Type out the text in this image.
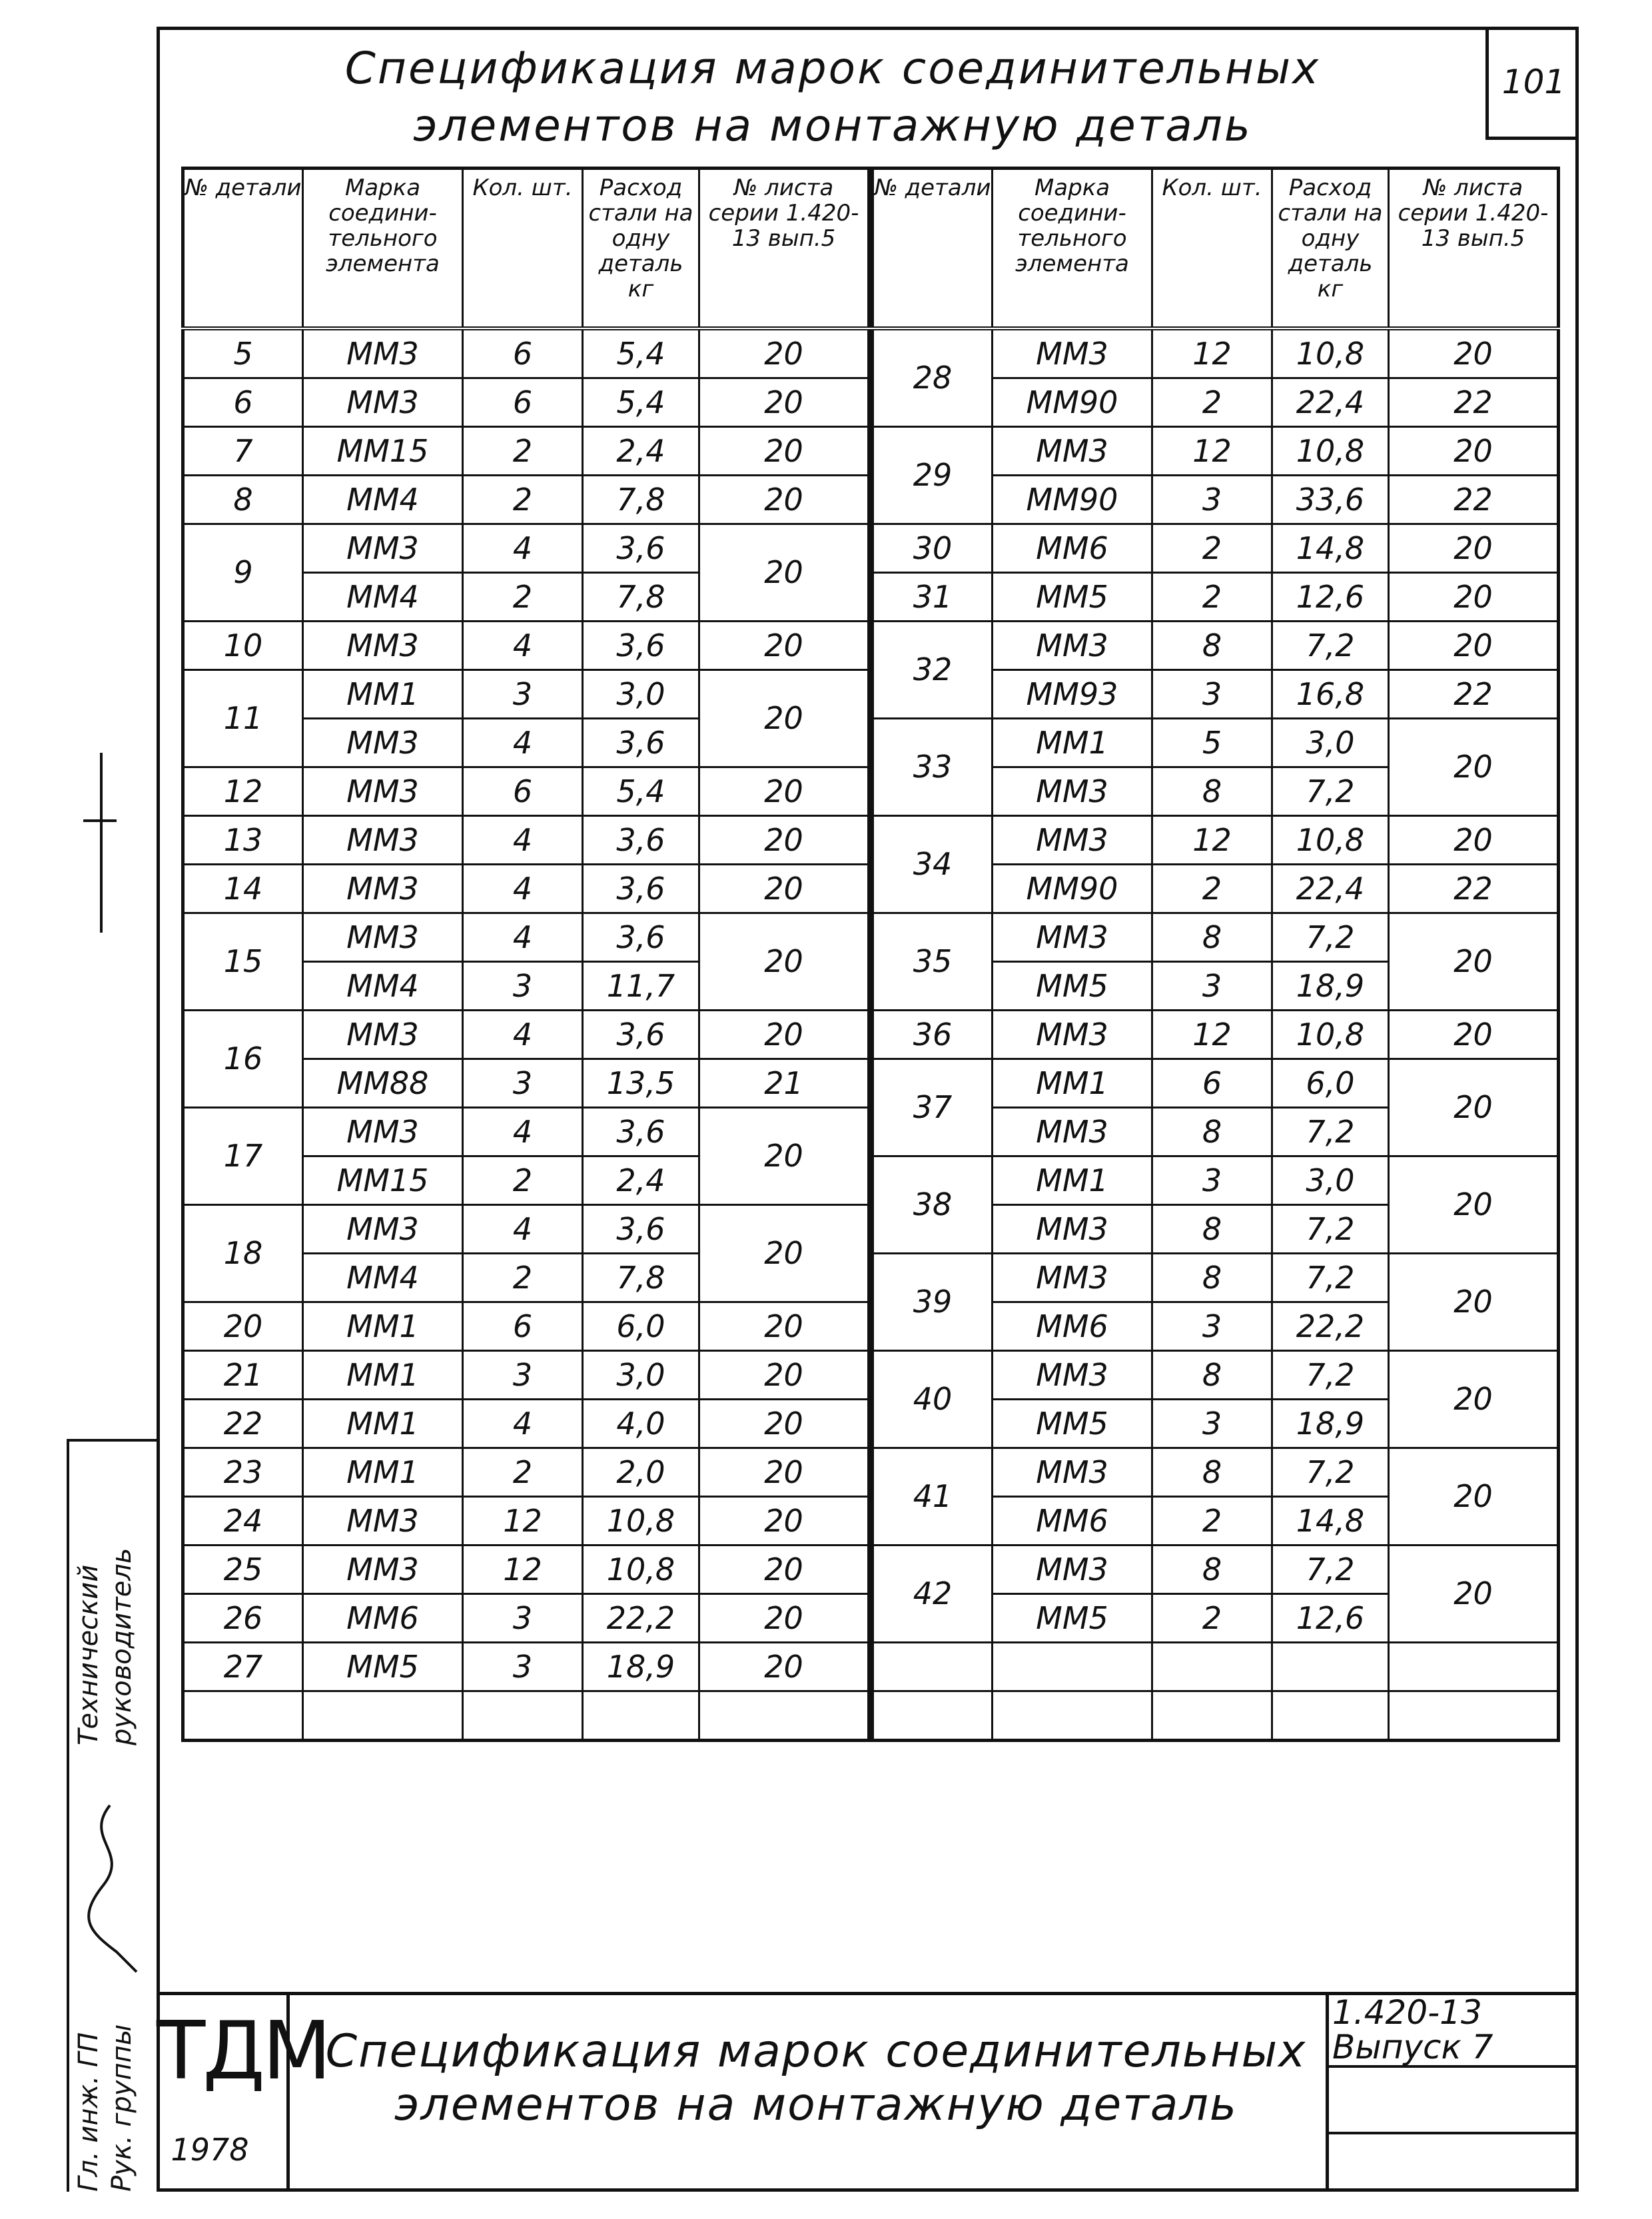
101
Спецификация марок соединительных
элементов на монтажную деталь
№ детали	Марка соедини-тельного элемента	Кол. шт.	Расход стали на одну деталь кг	№ листа серии 1.420-13 вып.5
5	ММ3	6	5,4	20
6	ММ3	6	5,4	20
7	ММ15	2	2,4	20
8	ММ4	2	7,8	20
9	ММ3	4	3,6	20
	ММ4	2	7,8	
10	ММ3	4	3,6	20
11	ММ1	3	3,0	20
	ММ3	4	3,6	
12	ММ3	6	5,4	20
13	ММ3	4	3,6	20
14	ММ3	4	3,6	20
15	ММ3	4	3,6	20
	ММ4	3	11,7	
16	ММ3	4	3,6	20
	ММ88	3	13,5	21
17	ММ3	4	3,6	20
	ММ15	2	2,4	
18	ММ3	4	3,6	20
	ММ4	2	7,8	
20	ММ1	6	6,0	20
21	ММ1	3	3,0	20
22	ММ1	4	4,0	20
23	ММ1	2	2,0	20
24	ММ3	12	10,8	20
25	ММ3	12	10,8	20
26	ММ6	3	22,2	20
27	ММ5	3	18,9	20

№ детали	Марка соедини-тельного элемента	Кол. шт.	Расход стали на одну деталь кг	№ листа серии 1.420-13 вып.5
28	ММ3	12	10,8	20
	ММ90	2	22,4	22
29	ММ3	12	10,8	20
	ММ90	3	33,6	22
30	ММ6	2	14,8	20
31	ММ5	2	12,6	20
32	ММ3	8	7,2	20
	ММ93	3	16,8	22
33	ММ1	5	3,0	20
	ММ3	8	7,2	
34	ММ3	12	10,8	20
	ММ90	2	22,4	22
35	ММ3	8	7,2	20
	ММ5	3	18,9	
36	ММ3	12	10,8	20
37	ММ1	6	6,0	20
	ММ3	8	7,2	
38	ММ1	3	3,0	20
	ММ3	8	7,2	
39	ММ3	8	7,2	20
	ММ6	3	22,2	
40	ММ3	8	7,2	20
	ММ5	3	18,9	
41	ММ3	8	7,2	20
	ММ6	2	14,8	
42	ММ3	8	7,2	20
	ММ5	2	12,6	

ТДМ
1978
Спецификация марок соединительных
элементов на монтажную деталь
1.420-13
Выпуск 7
Технический руководитель
Гл. инж. ГП Рук. группы
